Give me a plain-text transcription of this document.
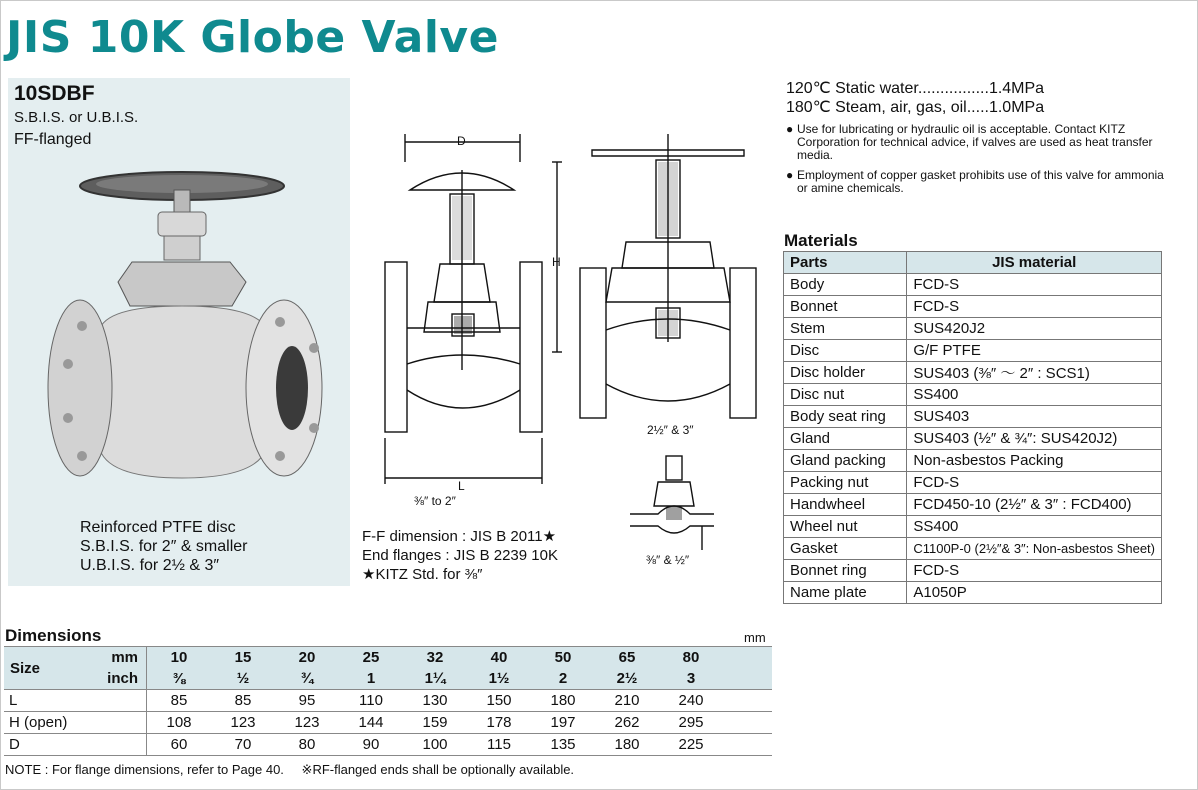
JIS 10K Globe Valve
10SDBF
S.B.I.S. or U.B.I.S.
FF-flanged
Reinforced PTFE disc
S.B.I.S. for 2″ & smaller
U.B.I.S. for 2½ & 3″
D
H
L
⅜″ to 2″
2½″ & 3″
⅜″ & ½″
F-F dimension : JIS B 2011★
End flanges : JIS B 2239 10K
★KITZ Std. for ⅜″
120℃ Static water................1.4MPa
180℃ Steam, air, gas, oil.....1.0MPa
● Use for lubricating or hydraulic oil is acceptable. Contact KITZ Corporation for technical advice, if valves are used as heat transfer media.
● Employment of copper gasket prohibits use of this valve for ammonia or amine chemicals.
Materials
Parts	JIS material
Body	FCD-S
Bonnet	FCD-S
Stem	SUS420J2
Disc	G/F PTFE
Disc holder	SUS403 (⅜″ ～ 2″ : SCS1)
Disc nut	SS400
Body seat ring	SUS403
Gland	SUS403 (½″ & ¾″: SUS420J2)
Gland packing	Non-asbestos Packing
Packing nut	FCD-S
Handwheel	FCD450-10 (2½″ & 3″ : FCD400)
Wheel nut	SS400
Gasket	C1100P-0 (2½″& 3″: Non-asbestos Sheet)
Bonnet ring	FCD-S
Name plate	A1050P
Dimensions	mm
Size	mm	10	15	20	25	32	40	50	65	80	
	inch	⅜	½	¾	1	1¼	1½	2	2½	3	
L		85	85	95	110	130	150	180	210	240	
H (open)		108	123	123	144	159	178	197	262	295	
D		60	70	80	90	100	115	135	180	225	
NOTE : For flange dimensions, refer to Page 40. ※RF-flanged ends shall be optionally available.
